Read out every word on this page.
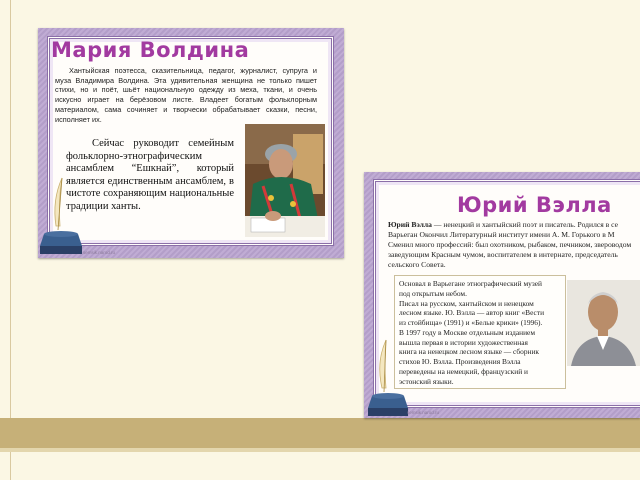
Мария Волдина
Хантыйская поэтесса, сказительница, педагог, журналист, супруга и муза Владимира Волдина. Эта удивительная женщина не только пишет стихи, но и поёт, шьёт национальную одежду из меха, ткани, и очень искусно играет на берёзовом листе. Владеет богатым фольклорным материалом, сама сочиняет и творчески обрабатывает сказки, песни, исполняет их.
Сейчас руководит семейным фольклорно-этнографическим ансамблем “Ешкнай”, который является единственным ансамблем, в чистоте сохраняющим национальные традиции ханты.
semsik.narod.ru
Юрий Вэлла
Юрий Вэлла — ненецкий и хантыйский поэт и писатель. Родился в се
Варьеган Окончил Литературный институт имени А. М. Горького в М
Сменил много профессий: был охотником, рыбаком, печником, звероводом
заведующим Красным чумом, воспитателем в интернате, председатель
сельского Совета.
Основал в Варьегане этнографический музей
под открытым небом.
Писал на русском, хантыйском и ненецком
лесном языке. Ю. Вэлла — автор книг «Вести
из стойбища» (1991) и «Белые крики» (1996).
В 1997 году в Москве отдельным изданием
вышла первая в истории художественная
книга на ненецком лесном языке — сборник
стихов Ю. Вэлла. Произведения Вэлла
переведены на немецкий, французский и
эстонский языки.
semsik.narod.ru
